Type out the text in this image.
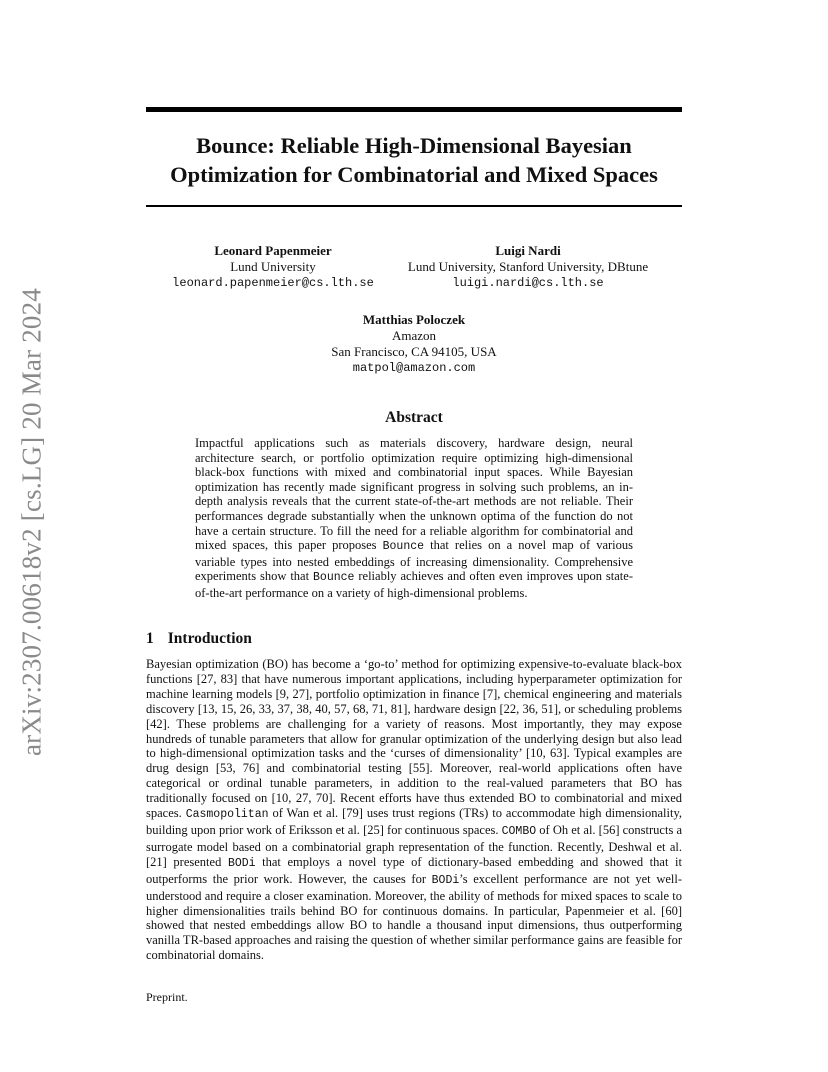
arXiv:2307.00618v2 [cs.LG] 20 Mar 2024
Bounce: Reliable High-Dimensional Bayesian
Optimization for Combinatorial and Mixed Spaces
Leonard Papenmeier
Lund University
leonard.papenmeier@cs.lth.se
Luigi Nardi
Lund University, Stanford University, DBtune
luigi.nardi@cs.lth.se
Matthias Poloczek
Amazon
San Francisco, CA 94105, USA
matpol@amazon.com
Abstract

Impactful applications such as materials discovery, hardware design, neural architecture search, or portfolio optimization require optimizing high-dimensional black-box functions with mixed and combinatorial input spaces. While Bayesian optimization has recently made significant progress in solving such problems, an in-depth analysis reveals that the current state-of-the-art methods are not reliable. Their performances degrade substantially when the unknown optima of the function do not have a certain structure. To fill the need for a reliable algorithm for combinatorial and mixed spaces, this paper proposes Bounce that relies on a novel map of various variable types into nested embeddings of increasing dimensionality. Comprehensive experiments show that Bounce reliably achieves and often even improves upon state-of-the-art performance on a variety of high-dimensional problems.

1 Introduction

Bayesian optimization (BO) has become a ‘go-to’ method for optimizing expensive-to-evaluate black-box functions [27, 83] that have numerous important applications, including hyperparameter optimization for machine learning models [9, 27], portfolio optimization in finance [7], chemical engineering and materials discovery [13, 15, 26, 33, 37, 38, 40, 57, 68, 71, 81], hardware design [22, 36, 51], or scheduling problems [42]. These problems are challenging for a variety of reasons. Most importantly, they may expose hundreds of tunable parameters that allow for granular optimization of the underlying design but also lead to high-dimensional optimization tasks and the ‘curses of dimensionality’ [10, 63]. Typical examples are drug design [53, 76] and combinatorial testing [55]. Moreover, real-world applications often have categorical or ordinal tunable parameters, in addition to the real-valued parameters that BO has traditionally focused on [10, 27, 70]. Recent efforts have thus extended BO to combinatorial and mixed spaces. Casmopolitan of Wan et al. [79] uses trust regions (TRs) to accommodate high dimensionality, building upon prior work of Eriksson et al. [25] for continuous spaces. COMBO of Oh et al. [56] constructs a surrogate model based on a combinatorial graph representation of the function. Recently, Deshwal et al. [21] presented BODi that employs a novel type of dictionary-based embedding and showed that it outperforms the prior work. However, the causes for BODi’s excellent performance are not yet well-understood and require a closer examination. Moreover, the ability of methods for mixed spaces to scale to higher dimensionalities trails behind BO for continuous domains. In particular, Papenmeier et al. [60] showed that nested embeddings allow BO to handle a thousand input dimensions, thus outperforming vanilla TR-based approaches and raising the question of whether similar performance gains are feasible for combinatorial domains.

Preprint.
